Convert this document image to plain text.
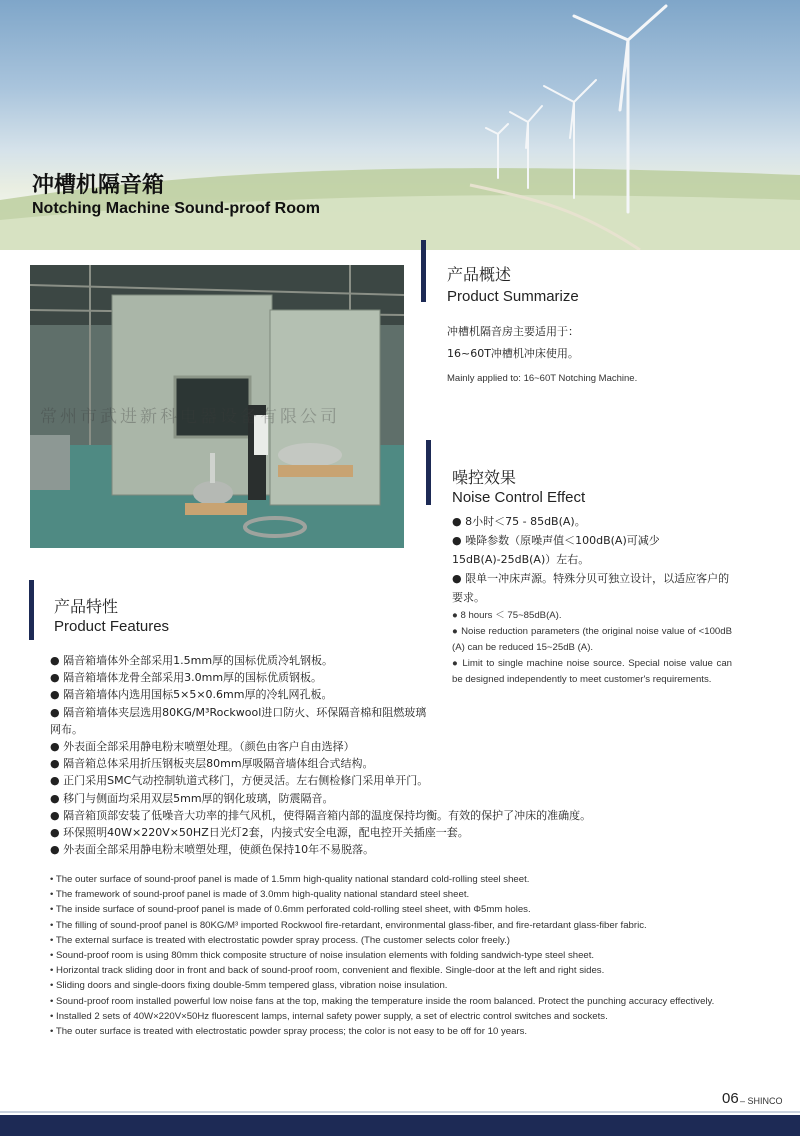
冲槽机隔音箱
Notching Machine Sound-proof Room
常州市武进新科电器设备有限公司
产品概述
Product Summarize
冲槽机隔音房主要适用于：
16~60T冲槽机冲床使用。
Mainly applied to: 16~60T Notching Machine.
噪控效果
Noise Control Effect
● 8小时＜75 - 85dB(A)。
● 噪降参数（原噪声值＜100dB(A)可减少15dB(A)-25dB(A)）左右。
● 限单一冲床声源。特殊分贝可独立设计，以适应客户的要求。
● 8 hours ＜ 75~85dB(A).
● Noise reduction parameters (the original noise value of <100dB (A) can be reduced 15~25dB (A).
● Limit to single machine noise source. Special noise value can be designed independently to meet customer's requirements.
产品特性
Product Features
● 隔音箱墙体外全部采用1.5mm厚的国标优质冷轧钢板。
● 隔音箱墙体龙骨全部采用3.0mm厚的国标优质钢板。
● 隔音箱墙体内选用国标5×5×0.6mm厚的冷轧网孔板。
● 隔音箱墙体夹层选用80KG/M³Rockwool进口防火、环保隔音棉和阻燃玻璃网布。
● 外表面全部采用静电粉末喷塑处理。（颜色由客户自由选择）
● 隔音箱总体采用折压钢板夹层80mm厚吸隔音墙体组合式结构。
● 正门采用SMC气动控制轨道式移门，方便灵活。左右侧检修门采用单开门。
● 移门与侧面均采用双层5mm厚的钢化玻璃，防震隔音。
● 隔音箱顶部安装了低噪音大功率的排气风机，使得隔音箱内部的温度保持均衡。有效的保护了冲床的准确度。
● 环保照明40W×220V×50HZ日光灯2套，内接式安全电源，配电控开关插座一套。
● 外表面全部采用静电粉末喷塑处理，使颜色保持10年不易脱落。
• The outer surface of sound-proof panel is made of 1.5mm high-quality national standard cold-rolling steel sheet.
• The framework of sound-proof panel is made of 3.0mm high-quality national standard steel sheet.
• The inside surface of sound-proof panel is made of 0.6mm perforated cold-rolling steel sheet, with Φ5mm holes.
• The filling of sound-proof panel is 80KG/M³ imported Rockwool fire-retardant, environmental glass-fiber, and fire-retardant glass-fiber fabric.
• The external surface is treated with electrostatic powder spray process. (The customer selects color freely.)
• Sound-proof room is using 80mm thick composite structure of noise insulation elements with folding sandwich-type steel sheet.
• Horizontal track sliding door in front and back of sound-proof room, convenient and flexible. Single-door at the left and right sides.
• Sliding doors and single-doors fixing double-5mm tempered glass, vibration noise insulation.
• Sound-proof room installed powerful low noise fans at the top, making the temperature inside the room balanced. Protect the punching accuracy effectively.
• Installed 2 sets of 40W×220V×50Hz fluorescent lamps, internal safety power supply, a set of electric control switches and sockets.
• The outer surface is treated with electrostatic powder spray process; the color is not easy to be off for 10 years.
06 – SHINCO
